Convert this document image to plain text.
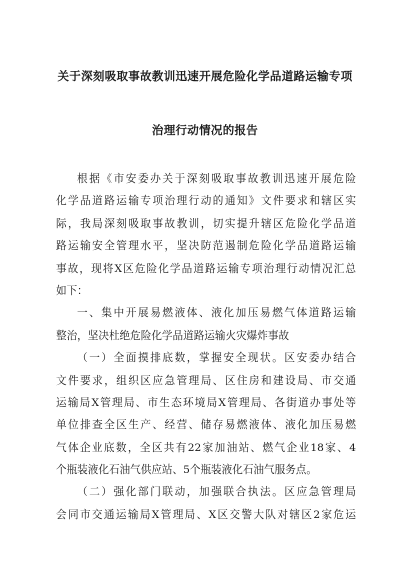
关于深刻吸取事故教训迅速开展危险化学品道路运输专项
治理行动情况的报告
根据《市安委办关于深刻吸取事故教训迅速开展危险
化学品道路运输专项治理行动的通知》文件要求和辖区实
际，我局深刻吸取事故教训，切实提升辖区危险化学品道
路运输安全管理水平，坚决防范遏制危险化学品道路运输
事故，现将X区危险化学品道路运输专项治理行动情况汇总
如下：
一、集中开展易燃液体、液化加压易燃气体道路运输
整治，坚决杜绝危险化学品道路运输火灾爆炸事故
（一）全面摸排底数，掌握安全现状。区安委办结合
文件要求，组织区应急管理局、区住房和建设局、市交通
运输局X管理局、市生态环境局X管理局、各街道办事处等
单位排查全区生产、经营、储存易燃液体、液化加压易燃
气体企业底数，全区共有22家加油站、燃气企业18家、4
个瓶装液化石油气供应站、5个瓶装液化石油气服务点。
（二）强化部门联动，加强联合执法。区应急管理局
会同市交通运输局X管理局、X区交警大队对辖区2家危运
